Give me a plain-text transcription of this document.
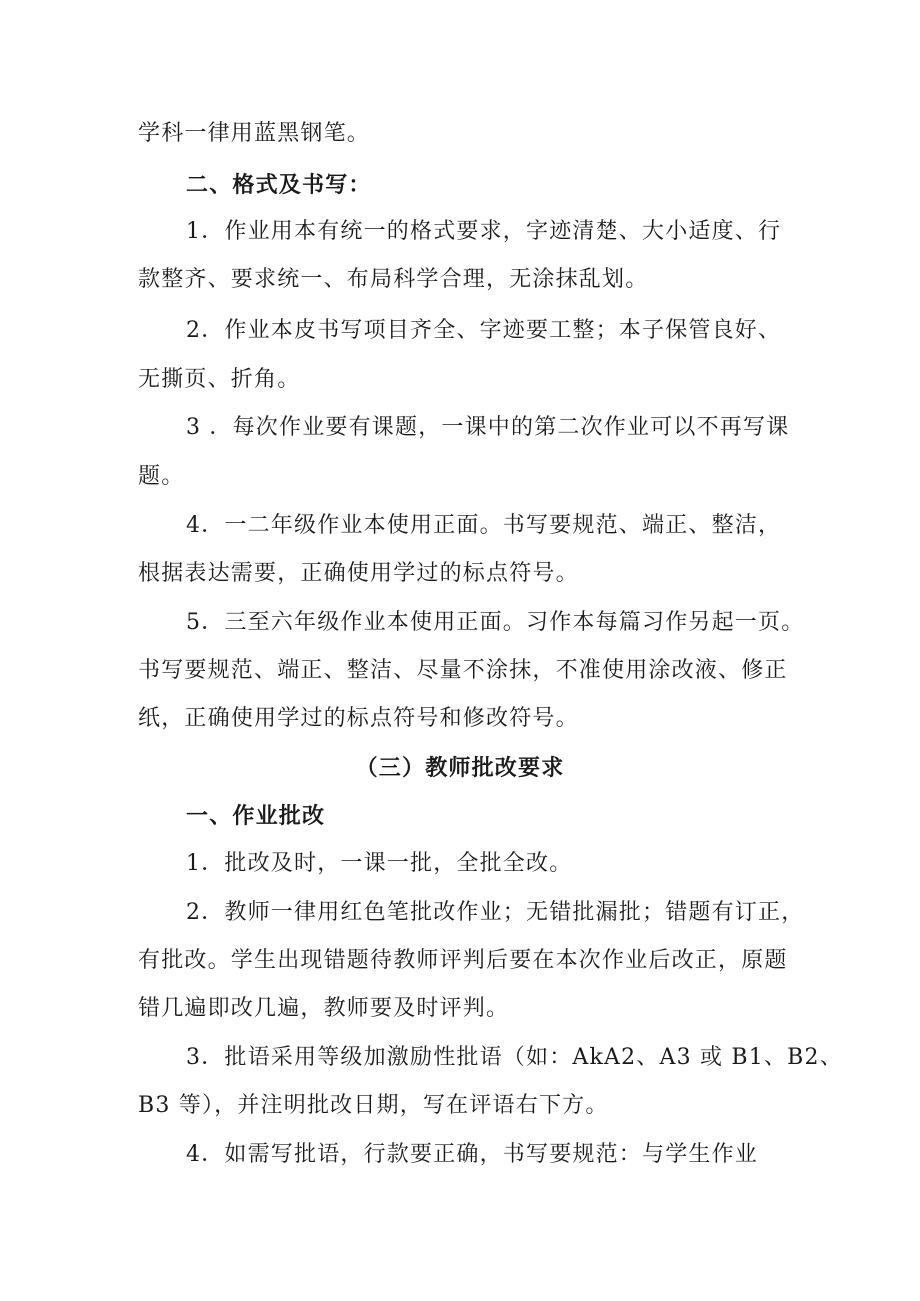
学科一律用蓝黑钢笔。
二、格式及书写：
1．作业用本有统一的格式要求，字迹清楚、大小适度、行
款整齐、要求统一、布局科学合理，无涂抹乱划。
2．作业本皮书写项目齐全、字迹要工整；本子保管良好、
无撕页、折角。
3 ．每次作业要有课题，一课中的第二次作业可以不再写课
题。
4．一二年级作业本使用正面。书写要规范、端正、整洁，
根据表达需要，正确使用学过的标点符号。
5．三至六年级作业本使用正面。习作本每篇习作另起一页。
书写要规范、端正、整洁、尽量不涂抹，不准使用涂改液、修正
纸，正确使用学过的标点符号和修改符号。
（三）教师批改要求
一、作业批改
1．批改及时，一课一批，全批全改。
2．教师一律用红色笔批改作业；无错批漏批；错题有订正，
有批改。学生出现错题待教师评判后要在本次作业后改正，原题
错几遍即改几遍，教师要及时评判。
3．批语采用等级加激励性批语（如：AkA2、A3 或 B1、B2、
B3 等），并注明批改日期，写在评语右下方。
4．如需写批语，行款要正确，书写要规范：与学生作业
